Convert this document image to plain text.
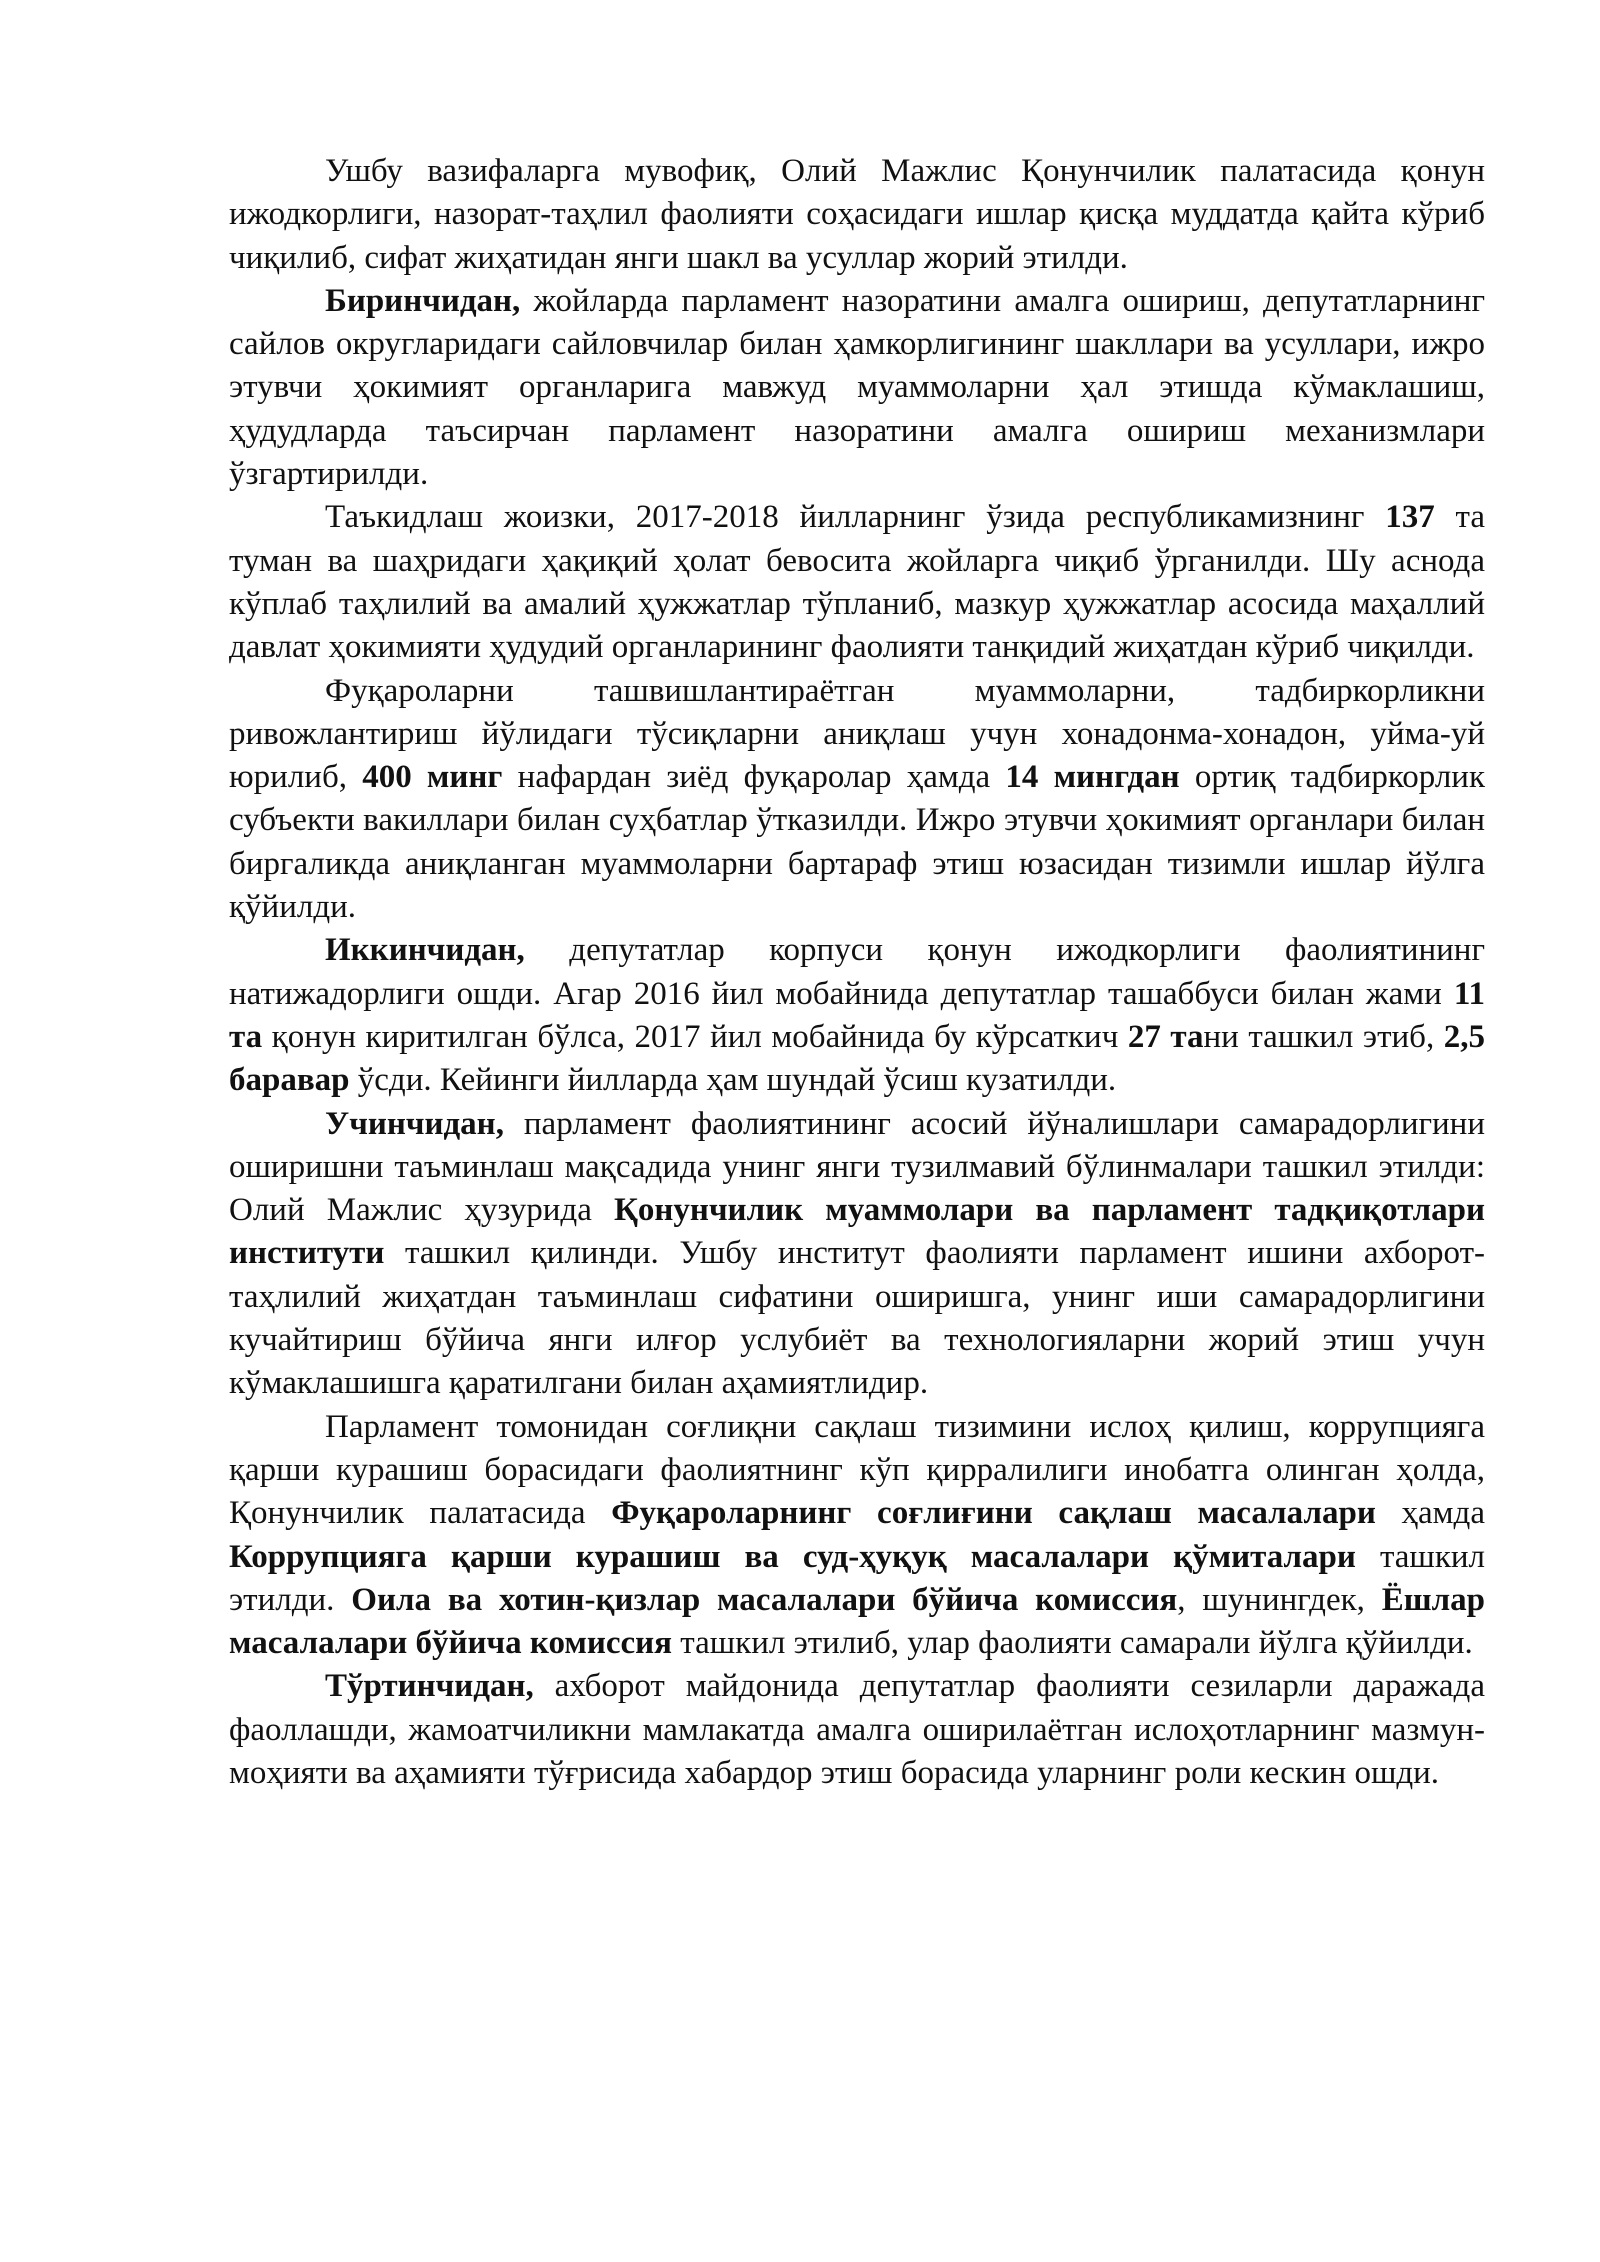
Ушбу вазифаларга мувофиқ, Олий Мажлис Қонунчилик палатасида қонун ижодкорлиги, назорат-таҳлил фаолияти соҳасидаги ишлар қисқа муддатда қайта кўриб чиқилиб, сифат жиҳатидан янги шакл ва усуллар жорий этилди.

Биринчидан, жойларда парламент назоратини амалга ошириш, депутатларнинг сайлов округларидаги сайловчилар билан ҳамкорлигининг шакллари ва усуллари, ижро этувчи ҳокимият органларига мавжуд муаммоларни ҳал этишда кўмаклашиш, ҳудудларда таъсирчан парламент назоратини амалга ошириш механизмлари ўзгартирилди.

Таъкидлаш жоизки, 2017-2018 йилларнинг ўзида республикамизнинг 137 та туман ва шаҳридаги ҳақиқий ҳолат бевосита жойларга чиқиб ўрганилди. Шу аснода кўплаб таҳлилий ва амалий ҳужжатлар тўпланиб, мазкур ҳужжатлар асосида маҳаллий давлат ҳокимияти ҳудудий органларининг фаолияти танқидий жиҳатдан кўриб чиқилди.

Фуқароларни ташвишлантираётган муаммоларни, тадбиркорликни ривожлантириш йўлидаги тўсиқларни аниқлаш учун хонадонма-хонадон, уйма-уй юрилиб, 400 минг нафардан зиёд фуқаролар ҳамда 14 мингдан ортиқ тадбиркорлик субъекти вакиллари билан суҳбатлар ўтказилди. Ижро этувчи ҳокимият органлари билан биргаликда аниқланган муаммоларни бартараф этиш юзасидан тизимли ишлар йўлга қўйилди.

Иккинчидан, депутатлар корпуси қонун ижодкорлиги фаолиятининг натижадорлиги ошди. Агар 2016 йил мобайнида депутатлар ташаббуси билан жами 11 та қонун киритилган бўлса, 2017 йил мобайнида бу кўрсаткич 27 тани ташкил этиб, 2,5 баравар ўсди. Кейинги йилларда ҳам шундай ўсиш кузатилди.

Учинчидан, парламент фаолиятининг асосий йўналишлари самарадорлигини оширишни таъминлаш мақсадида унинг янги тузилмавий бўлинмалари ташкил этилди: Олий Мажлис ҳузурида Қонунчилик муаммолари ва парламент тадқиқотлари институти ташкил қилинди. Ушбу институт фаолияти парламент ишини ахборот-таҳлилий жиҳатдан таъминлаш сифатини оширишга, унинг иши самарадорлигини кучайтириш бўйича янги илғор услубиёт ва технологияларни жорий этиш учун кўмаклашишга қаратилгани билан аҳамиятлидир.

Парламент томонидан соғлиқни сақлаш тизимини ислоҳ қилиш, коррупцияга қарши курашиш борасидаги фаолиятнинг кўп қирралилиги инобатга олинган ҳолда, Қонунчилик палатасида Фуқароларнинг соғлиғини сақлаш масалалари ҳамда Коррупцияга қарши курашиш ва суд-ҳуқуқ масалалари қўмиталари ташкил этилди. Оила ва хотин-қизлар масалалари бўйича комиссия, шунингдек, Ёшлар масалалари бўйича комиссия ташкил этилиб, улар фаолияти самарали йўлга қўйилди.

Тўртинчидан, ахборот майдонида депутатлар фаолияти сезиларли даражада фаоллашди, жамоатчиликни мамлакатда амалга оширилаётган ислоҳотларнинг мазмун-моҳияти ва аҳамияти тўғрисида хабардор этиш борасида уларнинг роли кескин ошди.
